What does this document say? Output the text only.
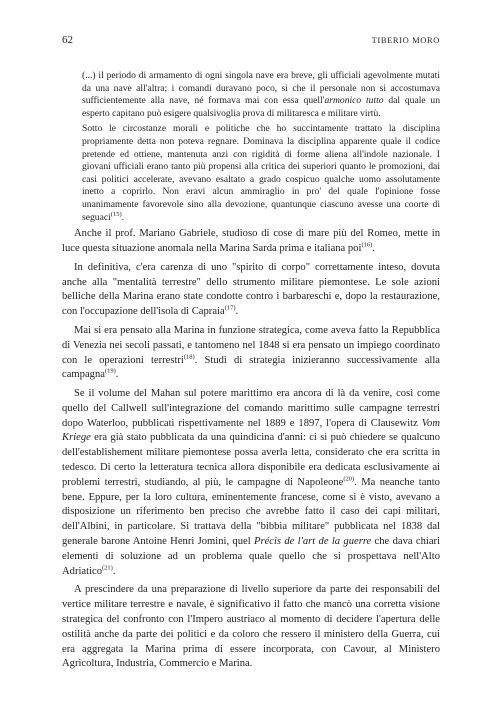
62	TIBERIO MORO

(...) il periodo di armamento di ogni singola nave era breve, gli ufficiali agevolmente mutati da una nave all'altra; i comandi duravano poco, sì che il personale non si accostumava sufficientemente alla nave, né formava mai con essa quell'armonico tutto dal quale un esperto capitano può esigere qualsivoglia prova di militaresca e militare virtù.

Sotto le circostanze morali e politiche che ho succintamente trattato la disciplina propriamente detta non poteva regnare. Dominava la disciplina apparente quale il codice pretende ed ottiene, mantenuta anzi con rigidità di forme aliena all'indole nazionale. I giovani ufficiali erano tanto più propensi alla critica dei superiori quanto le promozioni, dai casi politici accelerate, avevano esaltato a grado cospicuo qualche uomo assolutamente inetto a coprirlo. Non eravi alcun ammiraglio in pro' del quale l'opinione fosse unanimamente favorevole sino alla devozione, quantunque ciascuno avesse una coorte di seguaci$^{(15)}$.

Anche il prof. Mariano Gabriele, studioso di cose di mare più del Romeo, mette in luce questa situazione anomala nella Marina Sarda prima e italiana poi$^{(16)}$.

In definitiva, c'era carenza di uno "spirito di corpo" correttamente inteso, dovuta anche alla "mentalità terrestre" dello strumento militare piemontese. Le sole azioni belliche della Marina erano state condotte contro i barbareschi e, dopo la restaurazione, con l'occupazione dell'isola di Capraia$^{(17)}$.

Mai si era pensato alla Marina in funzione strategica, come aveva fatto la Repubblica di Venezia nei secoli passati, e tantomeno nel 1848 si era pensato un impiego coordinato con le operazioni terrestri$^{(18)}$. Studi di strategia inizieranno successivamente alla campagna$^{(19)}$.

Se il volume del Mahan sul potere marittimo era ancora di là da venire, così come quello del Callwell sull'integrazione del comando marittimo sulle campagne terrestri dopo Waterloo, pubblicati rispettivamente nel 1889 e 1897, l'opera di Clausewitz Vom Kriege era già stato pubblicata da una quindicina d'anni: ci si può chiedere se qualcuno dell'establishement militare piemontese possa averla letta, considerato che era scritta in tedesco. Di certo la letteratura tecnica allora disponibile era dedicata esclusivamente ai problemi terrestri, studiando, al più, le campagne di Napoleone$^{(20)}$. Ma neanche tanto bene. Eppure, per la loro cultura, eminentemente francese, come si è visto, avevano a disposizione un riferimento ben preciso che avrebbe fatto il caso dei capi militari, dell'Albini, in particolare. Si trattava della "bibbia militare" pubblicata nel 1838 dal generale barone Antoine Henri Jomini, quel Précis de l'art de la guerre che dava chiari elementi di soluzione ad un problema quale quello che si prospettava nell'Alto Adriatico$^{(21)}$.

A prescindere da una preparazione di livello superiore da parte dei responsabili del vertice militare terrestre e navale, è significativo il fatto che mancò una corretta visione strategica del confronto con l'Impero austriaco al momento di decidere l'apertura delle ostilità anche da parte dei politici e da coloro che ressero il ministero della Guerra, cui era aggregata la Marina prima di essere incorporata, con Cavour, al Ministero Agricoltura, Industria, Commercio e Marina.
